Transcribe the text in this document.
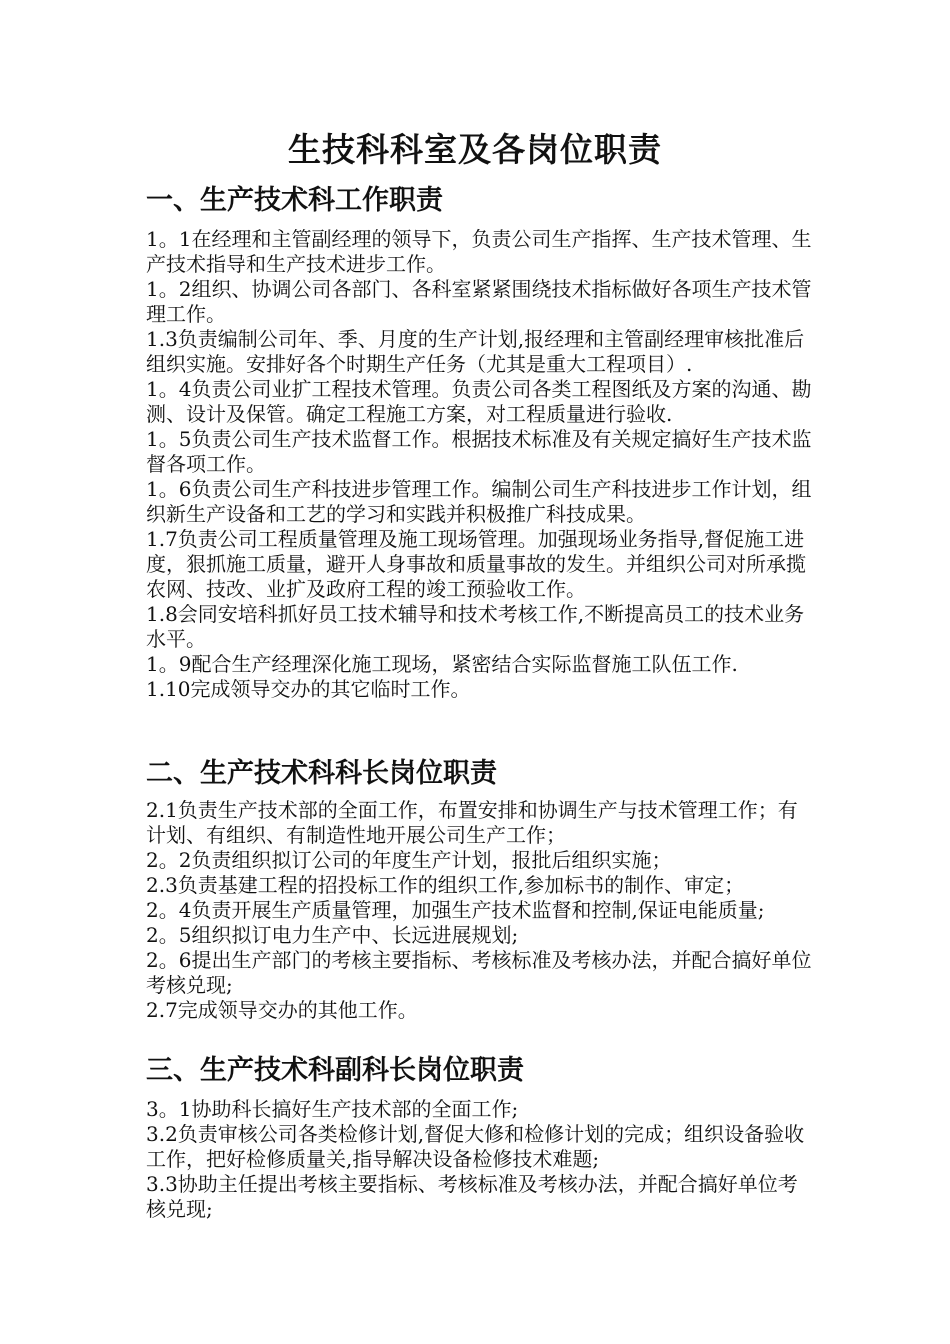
生技科科室及各岗位职责
一、生产技术科工作职责

1。1在经理和主管副经理的领导下，负责公司生产指挥、生产技术管理、生产技术指导和生产技术进步工作。

1。2组织、协调公司各部门、各科室紧紧围绕技术指标做好各项生产技术管理工作。

1.3负责编制公司年、季、月度的生产计划,报经理和主管副经理审核批准后组织实施。安排好各个时期生产任务（尤其是重大工程项目）.

1。4负责公司业扩工程技术管理。负责公司各类工程图纸及方案的沟通、勘测、设计及保管。确定工程施工方案，对工程质量进行验收.

1。5负责公司生产技术监督工作。根据技术标准及有关规定搞好生产技术监督各项工作。

1。6负责公司生产科技进步管理工作。编制公司生产科技进步工作计划，组织新生产设备和工艺的学习和实践并积极推广科技成果。

1.7负责公司工程质量管理及施工现场管理。加强现场业务指导,督促施工进度，狠抓施工质量，避开人身事故和质量事故的发生。并组织公司对所承揽农网、技改、业扩及政府工程的竣工预验收工作。

1.8会同安培科抓好员工技术辅导和技术考核工作,不断提高员工的技术业务水平。

1。9配合生产经理深化施工现场，紧密结合实际监督施工队伍工作.

1.10完成领导交办的其它临时工作。

二、生产技术科科长岗位职责

2.1负责生产技术部的全面工作，布置安排和协调生产与技术管理工作；有计划、有组织、有制造性地开展公司生产工作；

2。2负责组织拟订公司的年度生产计划，报批后组织实施；

2.3负责基建工程的招投标工作的组织工作,参加标书的制作、审定；

2。4负责开展生产质量管理，加强生产技术监督和控制,保证电能质量;

2。5组织拟订电力生产中、长远进展规划;

2。6提出生产部门的考核主要指标、考核标准及考核办法，并配合搞好单位考核兑现;

2.7完成领导交办的其他工作。

三、生产技术科副科长岗位职责

3。1协助科长搞好生产技术部的全面工作;

3.2负责审核公司各类检修计划,督促大修和检修计划的完成；组织设备验收工作，把好检修质量关,指导解决设备检修技术难题;

3.3协助主任提出考核主要指标、考核标准及考核办法，并配合搞好单位考核兑现;
